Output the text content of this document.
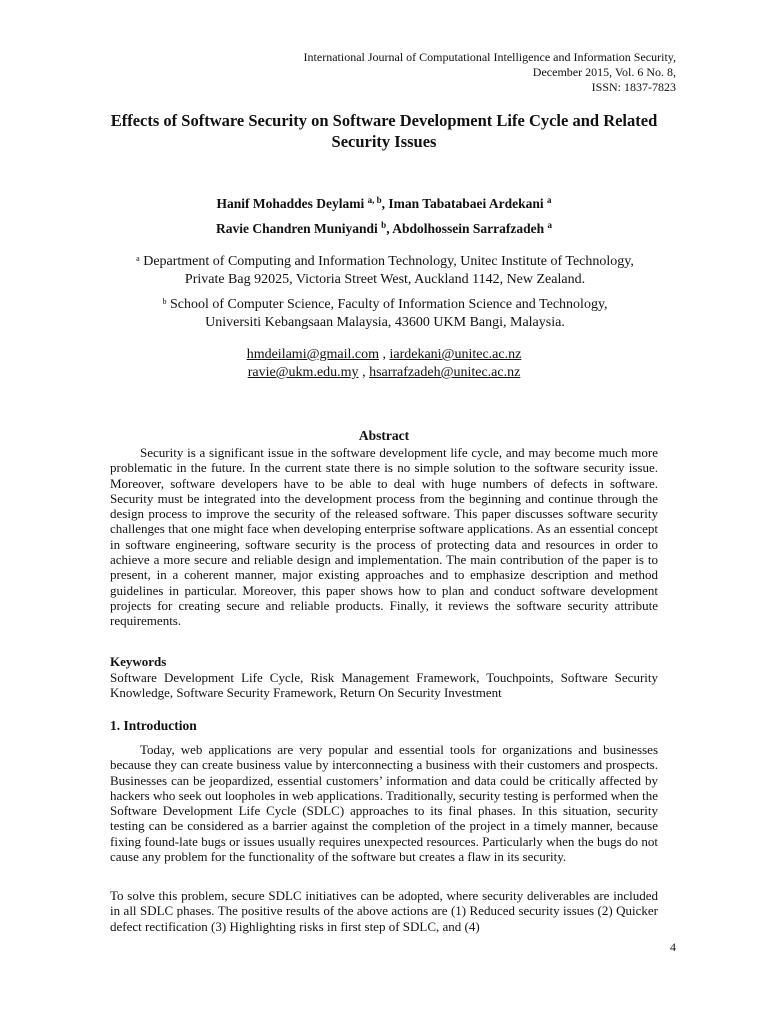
International Journal of Computational Intelligence and Information Security,
December 2015, Vol. 6 No. 8,
ISSN: 1837-7823
Effects of Software Security on Software Development Life Cycle and Related Security Issues
Hanif Mohaddes Deylami $^{a, b}$, Iman Tabatabaei Ardekani $^a$
Ravie Chandren Muniyandi $^b$, Abdolhossein Sarrafzadeh $^a$
$^a$ Department of Computing and Information Technology, Unitec Institute of Technology,
Private Bag 92025, Victoria Street West, Auckland 1142, New Zealand.
$^b$ School of Computer Science, Faculty of Information Science and Technology,
Universiti Kebangsaan Malaysia, 43600 UKM Bangi, Malaysia.
hmdeilami@gmail.com , iardekani@unitec.ac.nz
ravie@ukm.edu.my , hsarrafzadeh@unitec.ac.nz
Abstract
Security is a significant issue in the software development life cycle, and may become much more problematic in the future. In the current state there is no simple solution to the software security issue. Moreover, software developers have to be able to deal with huge numbers of defects in software. Security must be integrated into the development process from the beginning and continue through the design process to improve the security of the released software. This paper discusses software security challenges that one might face when developing enterprise software applications. As an essential concept in software engineering, software security is the process of protecting data and resources in order to achieve a more secure and reliable design and implementation. The main contribution of the paper is to present, in a coherent manner, major existing approaches and to emphasize description and method guidelines in particular. Moreover, this paper shows how to plan and conduct software development projects for creating secure and reliable products. Finally, it reviews the software security attribute requirements.
Keywords
Software Development Life Cycle, Risk Management Framework, Touchpoints, Software Security Knowledge, Software Security Framework, Return On Security Investment
1. Introduction
Today, web applications are very popular and essential tools for organizations and businesses because they can create business value by interconnecting a business with their customers and prospects. Businesses can be jeopardized, essential customers’ information and data could be critically affected by hackers who seek out loopholes in web applications. Traditionally, security testing is performed when the Software Development Life Cycle (SDLC) approaches to its final phases. In this situation, security testing can be considered as a barrier against the completion of the project in a timely manner, because fixing found-late bugs or issues usually requires unexpected resources. Particularly when the bugs do not cause any problem for the functionality of the software but creates a flaw in its security.
To solve this problem, secure SDLC initiatives can be adopted, where security deliverables are included in all SDLC phases. The positive results of the above actions are (1) Reduced security issues (2) Quicker defect rectification (3) Highlighting risks in first step of SDLC, and (4)
4
